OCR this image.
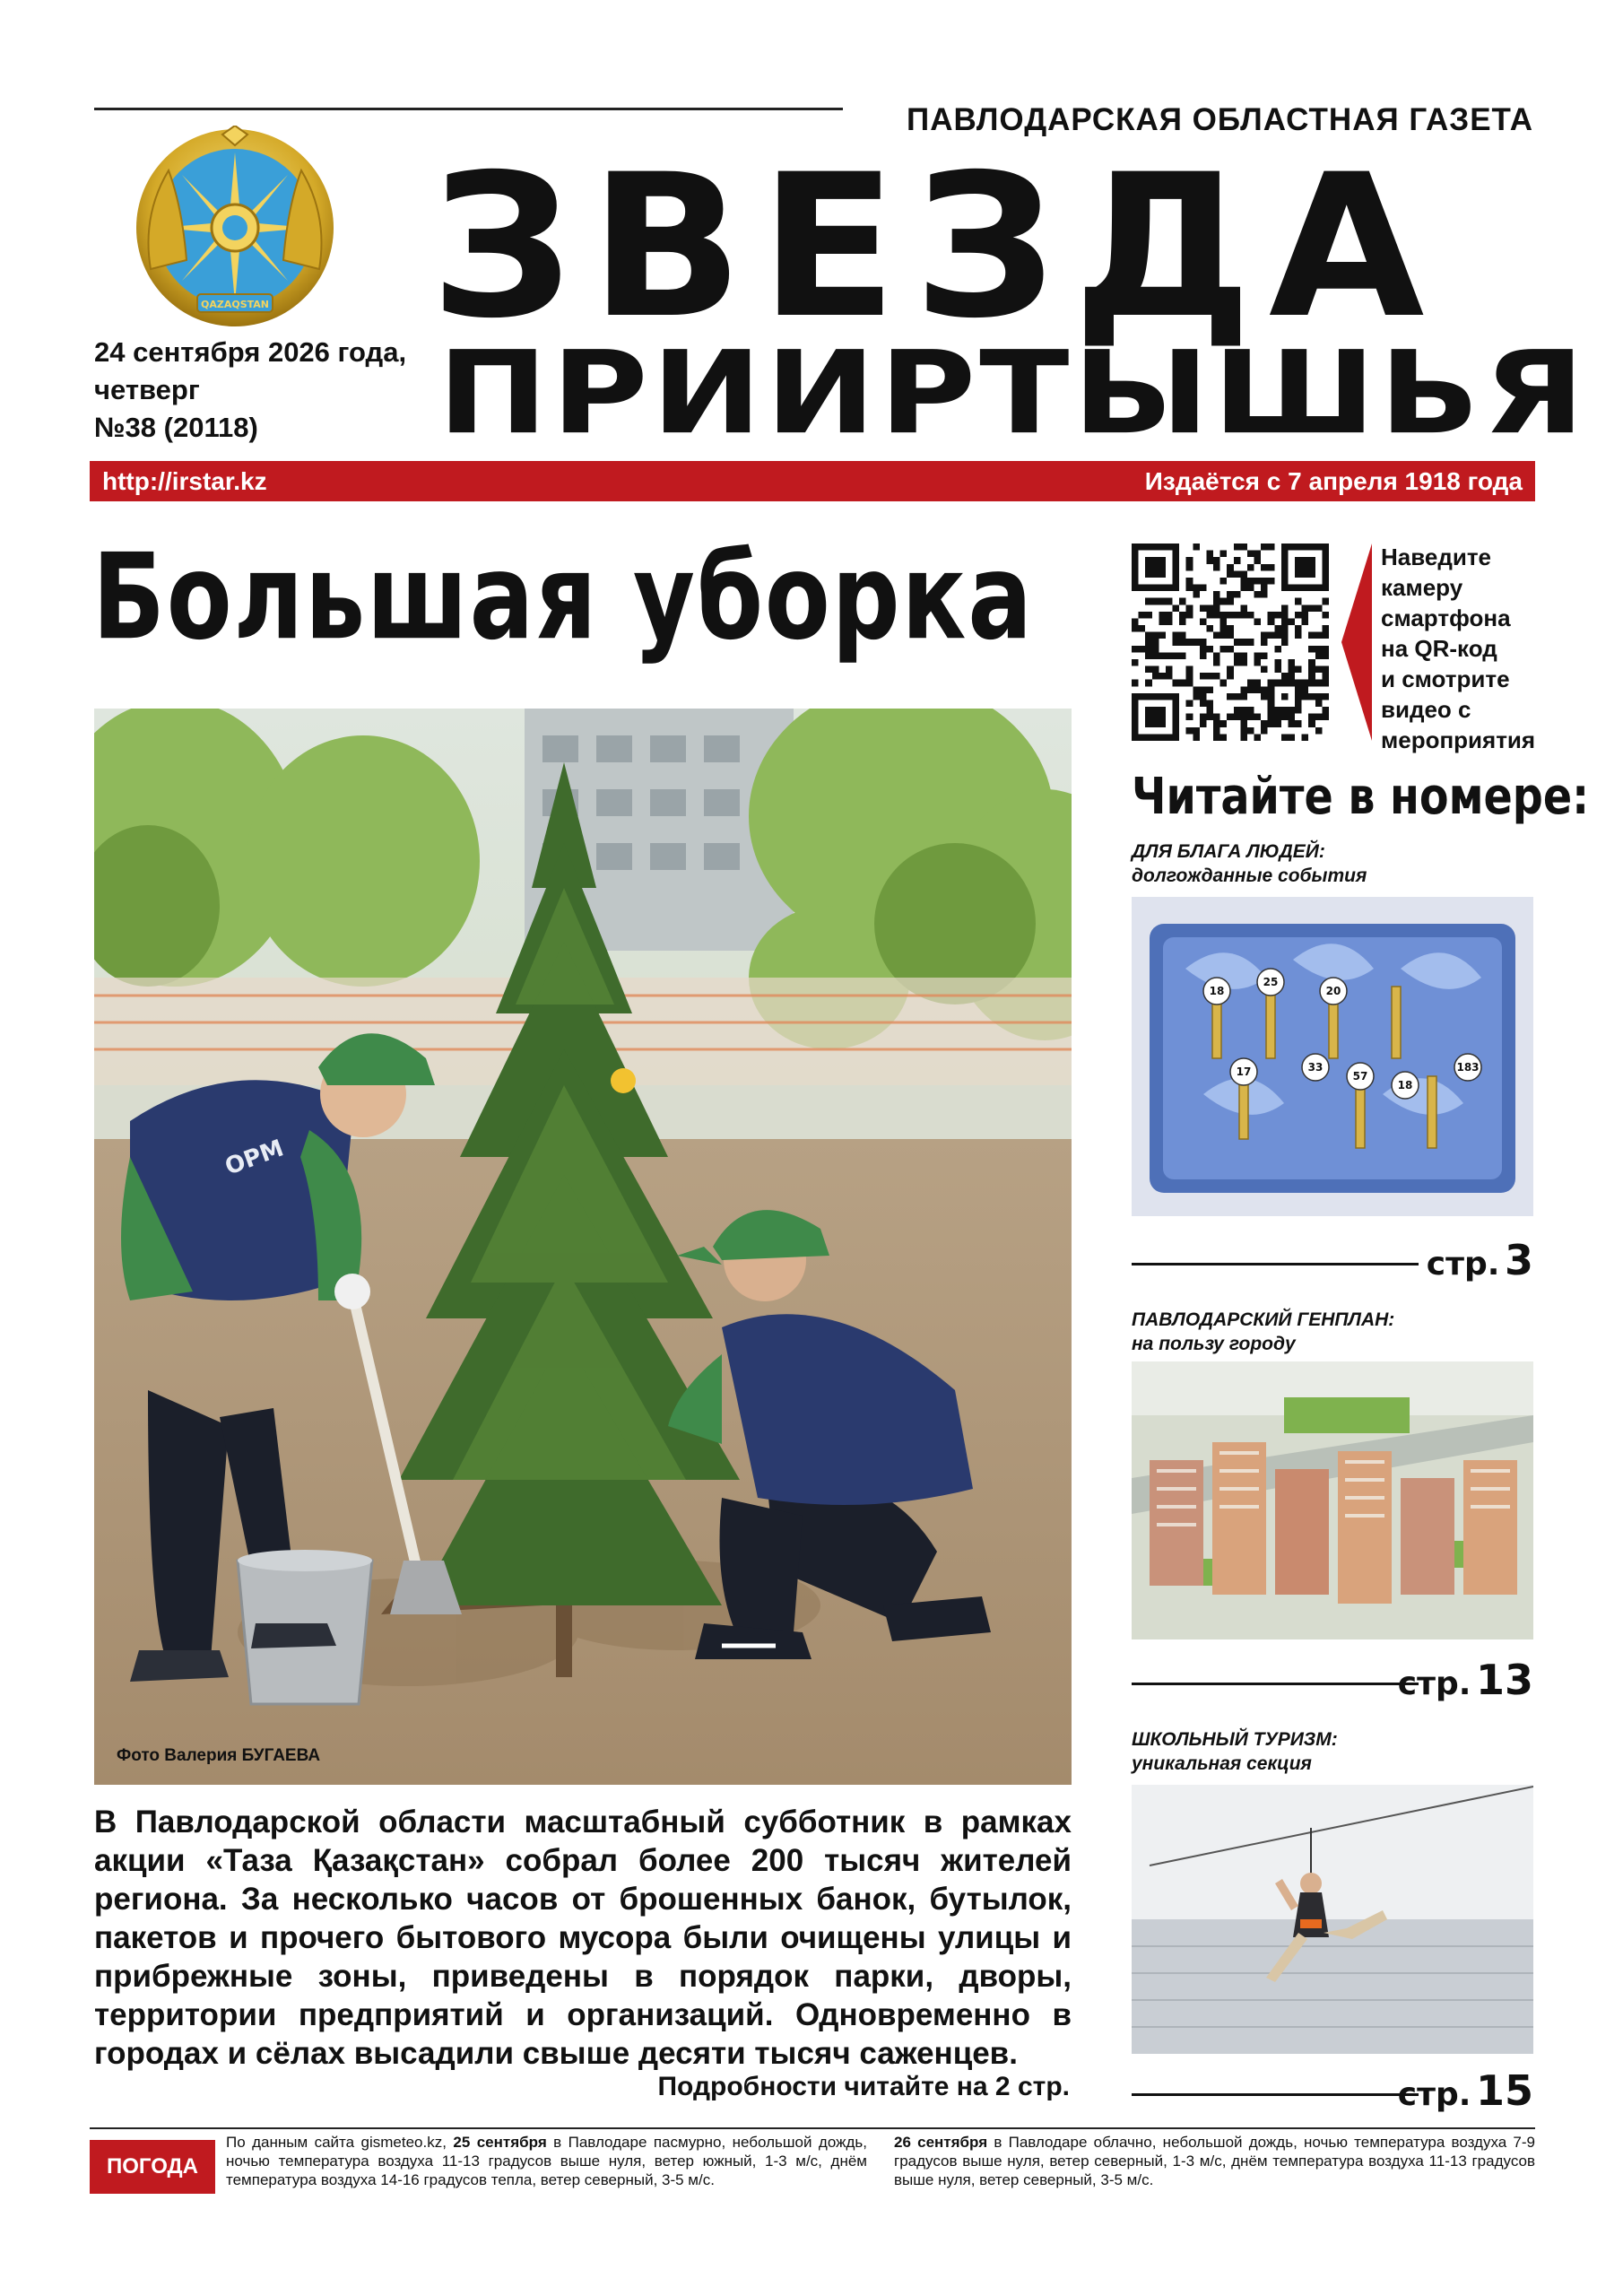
ПАВЛОДАРСКАЯ ОБЛАСТНАЯ ГАЗЕТА
QAZAQSTAN ЗВЕЗДА
ПРИИРТЫШЬЯ
24 сентября 2026 года,
четверг
№38 (20118)
http://irstar.kz	Издаётся с 7 апреля 1918 года
Большая уборка
ОРМ
Фото Валерия БУГАЕВА
В Павлодарской области масштабный субботник в рамках акции «Таза Қазақстан» собрал более 200 тысяч жителей региона. За несколько часов от брошенных банок, бутылок, пакетов и прочего бытового мусора были очищены улицы и прибрежные зоны, приведены в порядок парки, дворы, территории предприятий и организаций. Одновременно в городах и сёлах высадили свыше десяти тысяч саженцев.
Подробности читайте на 2 стр.
Наведите
камеру
смартфона
на QR-код
и смотрите
видео с
мероприятия
Читайте в номере:
ДЛЯ БЛАГА ЛЮДЕЙ:
долгожданные события
18
25
20
17	33
57
18
183
стр. 3
ПАВЛОДАРСКИЙ ГЕНПЛАН:
на пользу городу
стр. 13
ШКОЛЬНЫЙ ТУРИЗМ:
уникальная секция
стр. 15
ПОГОДА
По данным сайта gismeteo.kz, 25 сентября в Павлодаре пасмурно, небольшой дождь, ночью температура воздуха 11-13 градусов выше нуля, ветер южный, 1-3 м/с, днём температура воздуха 14-16 градусов тепла, ветер северный, 3-5 м/с.
26 сентября в Павлодаре облачно, небольшой дождь, ночью температура воздуха 7-9 градусов выше нуля, ветер северный, 1-3 м/с, днём температура воздуха 11-13 градусов выше нуля, ветер северный, 3-5 м/с.
